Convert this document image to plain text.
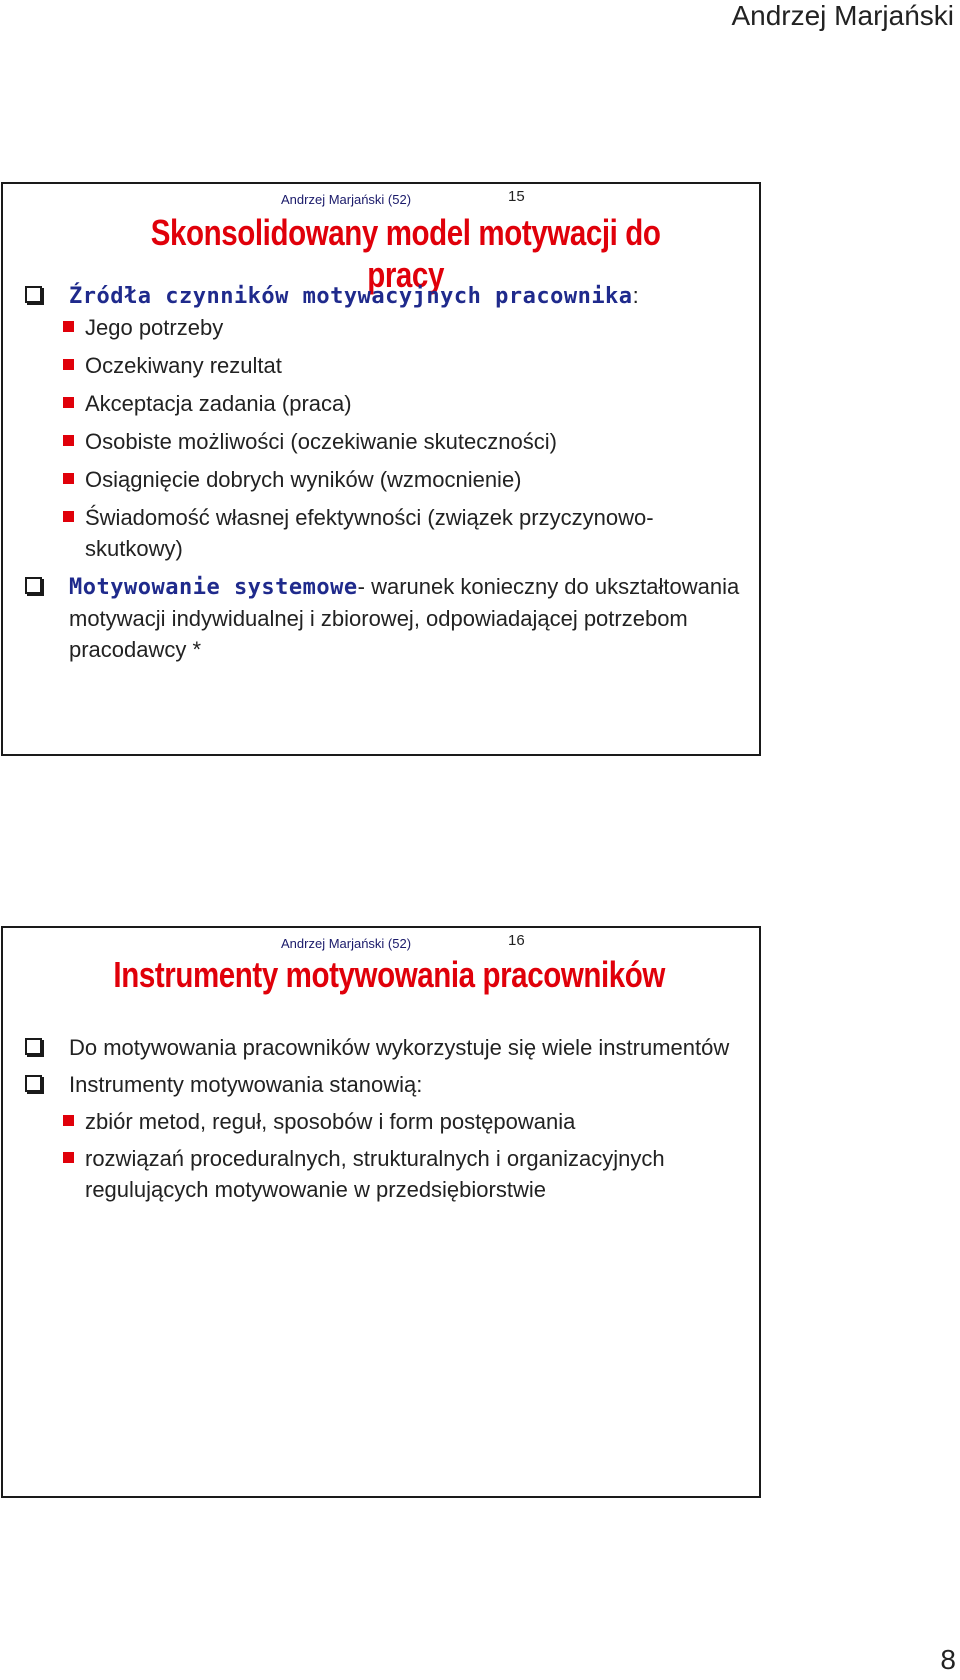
Andrzej Marjański
Andrzej Marjański (52)	15
Skonsolidowany model motywacji do pracy
Źródła czynników motywacyjnych pracownika:
Jego potrzeby
Oczekiwany rezultat
Akceptacja zadania (praca)
Osobiste możliwości (oczekiwanie skuteczności)
Osiągnięcie dobrych wyników (wzmocnienie)
Świadomość własnej efektywności (związek przyczynowo-skutkowy)
Motywowanie systemowe- warunek konieczny do ukształtowania motywacji indywidualnej i zbiorowej, odpowiadającej potrzebom pracodawcy *
Andrzej Marjański (52)	16
Instrumenty motywowania pracowników
Do motywowania pracowników wykorzystuje się wiele instrumentów
Instrumenty motywowania stanowią:
zbiór metod, reguł, sposobów i form postępowania
rozwiązań proceduralnych, strukturalnych i organizacyjnych regulujących motywowanie w przedsiębiorstwie
8
